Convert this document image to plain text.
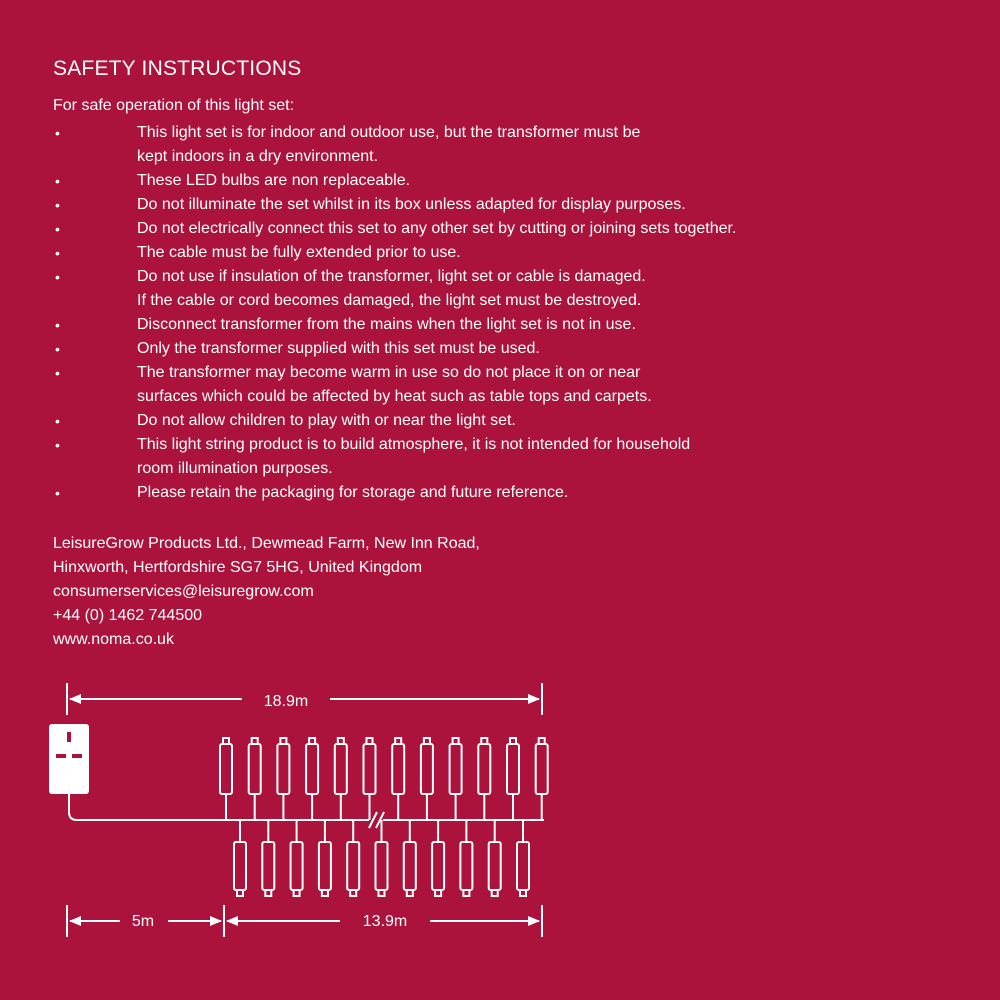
SAFETY INSTRUCTIONS
For safe operation of this light set:
•	This light set is for indoor and outdoor use, but the transformer must be
kept indoors in a dry environment.
•	These LED bulbs are non replaceable.
•	Do not illuminate the set whilst in its box unless adapted for display purposes.
•	Do not electrically connect this set to any other set by cutting or joining sets together.
•	The cable must be fully extended prior to use.
•	Do not use if insulation of the transformer, light set or cable is damaged.
If the cable or cord becomes damaged, the light set must be destroyed.
•	Disconnect transformer from the mains when the light set is not in use.
•	Only the transformer supplied with this set must be used.
•	The transformer may become warm in use so do not place it on or near
surfaces which could be affected by heat such as table tops and carpets.
•	Do not allow children to play with or near the light set.
•	This light string product is to build atmosphere, it is not intended for household
room illumination purposes.
•	Please retain the packaging for storage and future reference.
LeisureGrow Products Ltd., Dewmead Farm, New Inn Road,
Hinxworth, Hertfordshire SG7 5HG, United Kingdom
consumerservices@leisuregrow.com
+44 (0) 1462 744500
www.noma.co.uk
18.9m
5m	13.9m
